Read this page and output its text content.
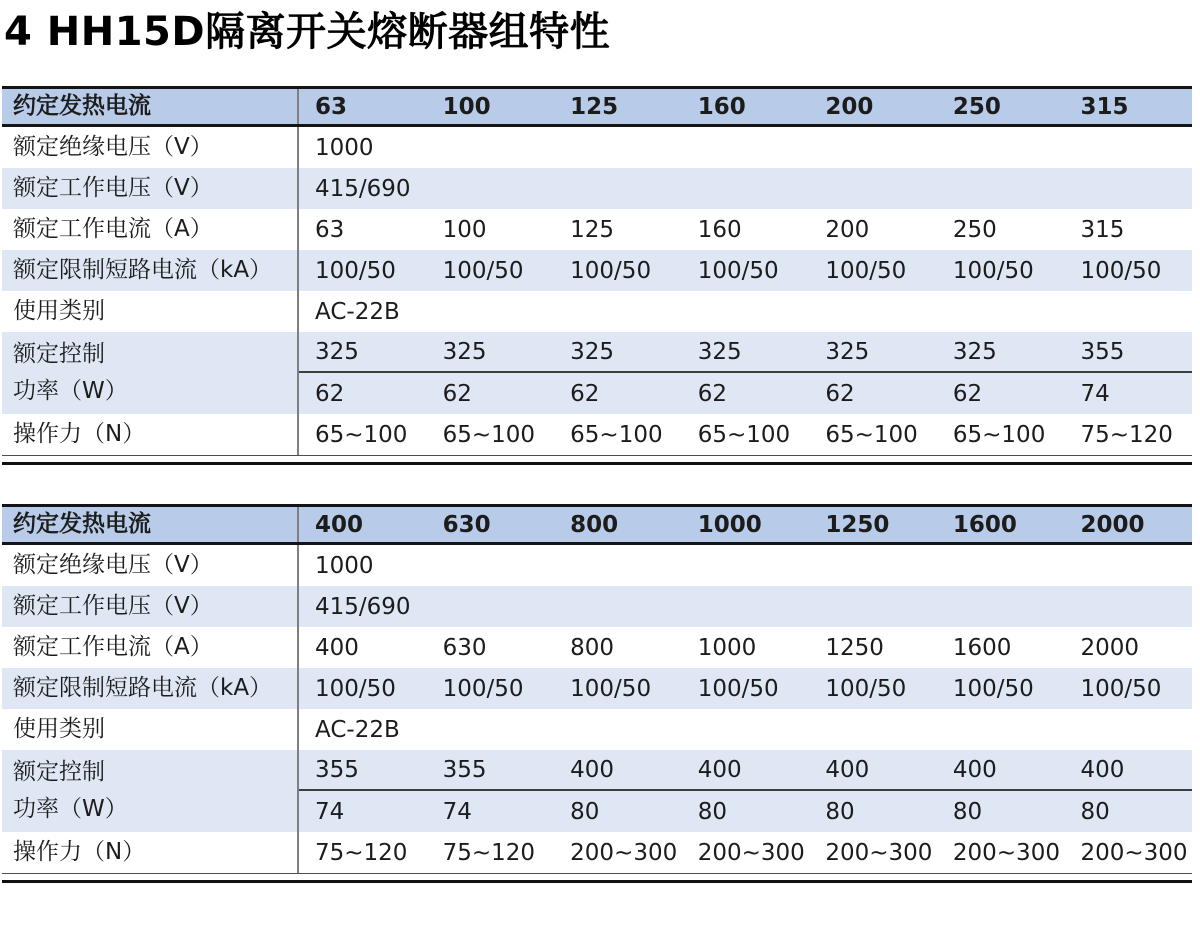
4 HH15D隔离开关熔断器组特性
约定发热电流	63	100	125	160	200	250	315
额定绝缘电压（V）	1000
额定工作电压（V）	415/690
额定工作电流（A）	63	100	125	160	200	250	315
额定限制短路电流（kA）	100/50	100/50	100/50	100/50	100/50	100/50	100/50
使用类别	AC-22B
额定控制
功率（W）
325	325	325	325	325	325	355
62	62	62	62	62	62	74
操作力（N）	65~100	65~100	65~100	65~100	65~100	65~100	75~120
约定发热电流	400	630	800	1000	1250	1600	2000
额定绝缘电压（V）	1000
额定工作电压（V）	415/690
额定工作电流（A）	400	630	800	1000	1250	1600	2000
额定限制短路电流（kA）	100/50	100/50	100/50	100/50	100/50	100/50	100/50
使用类别	AC-22B
额定控制
功率（W）
355	355	400	400	400	400	400
74	74	80	80	80	80	80
操作力（N）	75~120	75~120	200~300 200~300 200~300 200~300 200~300
